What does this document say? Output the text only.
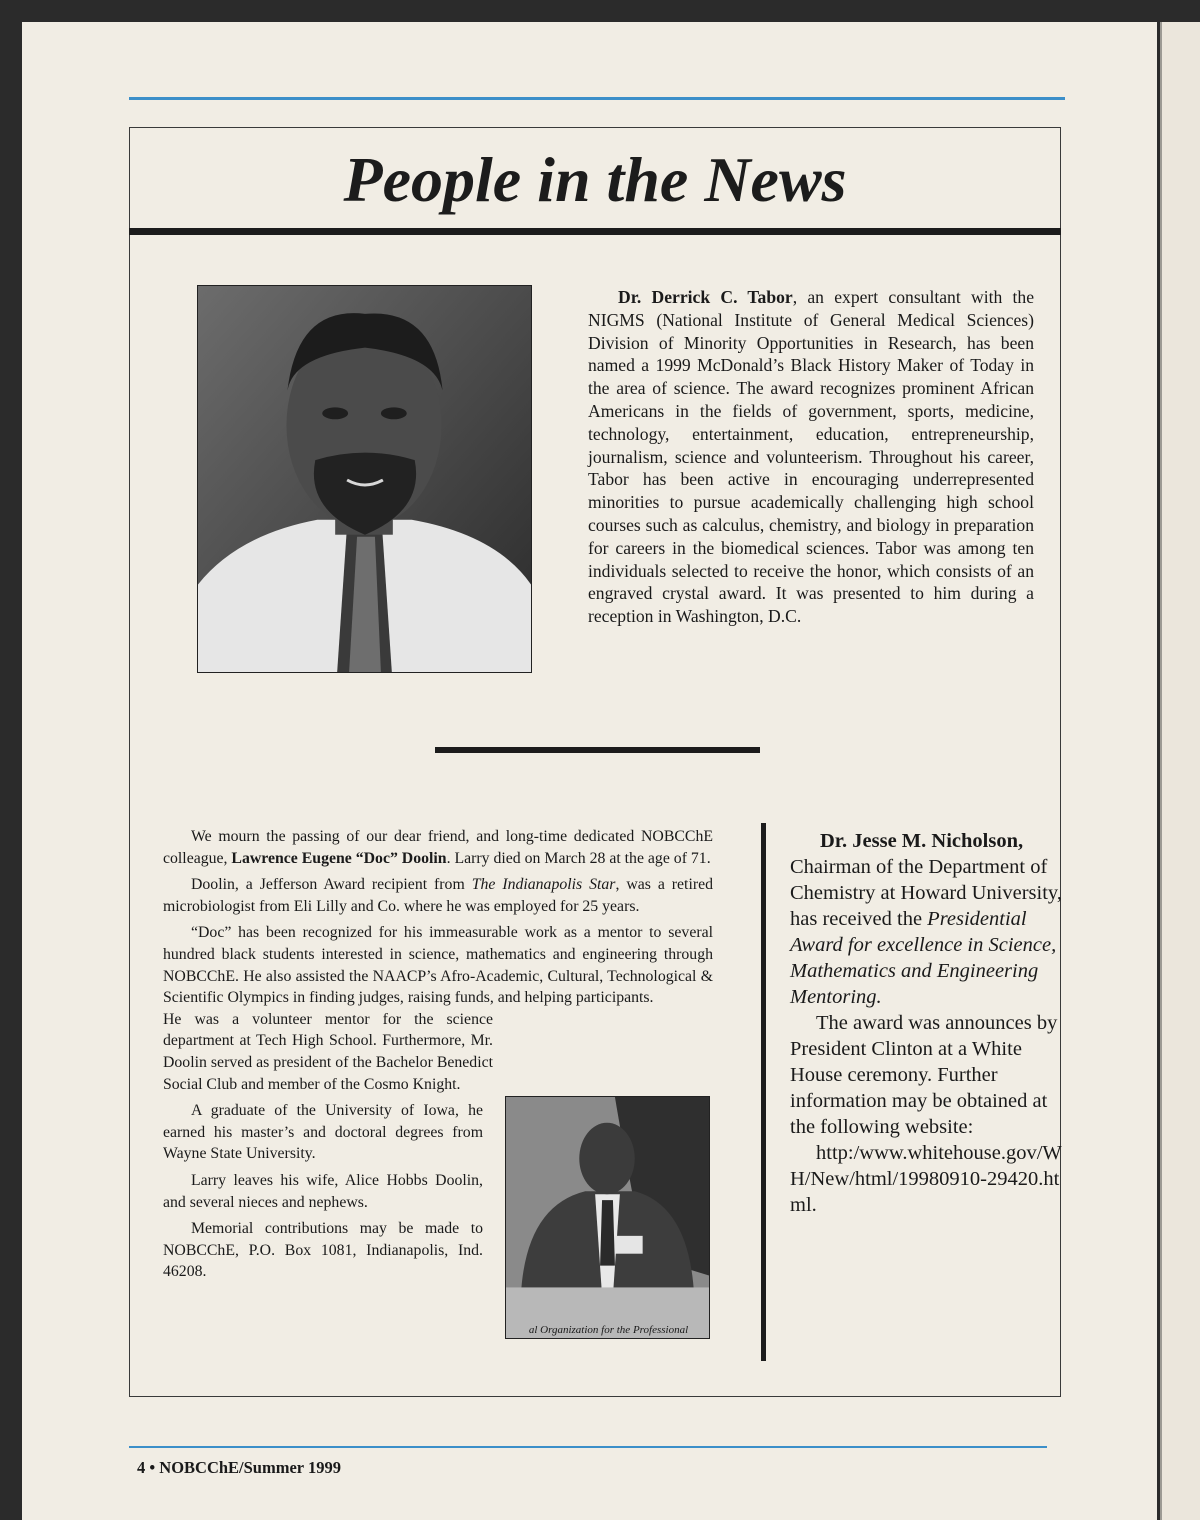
People in the News

Dr. Derrick C. Tabor, an expert consultant with the NIGMS (National Institute of General Medical Sciences) Division of Minority Opportunities in Research, has been named a 1999 McDonald’s Black History Maker of Today in the area of science. The award recognizes prominent African Americans in the fields of government, sports, medicine, technology, entertainment, education, entrepreneurship, journalism, science and volunteerism. Throughout his career, Tabor has been active in encouraging underrepresented minorities to pursue academically challenging high school courses such as calculus, chemistry, and biology in preparation for careers in the biomedical sciences. Tabor was among ten individuals selected to receive the honor, which consists of an engraved crystal award. It was presented to him during a reception in Washington, D.C.

We mourn the passing of our dear friend, and long-time dedicated NOBCChE colleague, Lawrence Eugene “Doc” Doolin. Larry died on March 28 at the age of 71.

Doolin, a Jefferson Award recipient from The Indianapolis Star, was a retired microbiologist from Eli Lilly and Co. where he was employed for 25 years.

“Doc” has been recognized for his immeasurable work as a mentor to several hundred black students interested in science, mathematics and engineering through NOBCChE. He also assisted the NAACP’s Afro-Academic, Cultural, Technological & Scientific Olympics in finding judges, raising funds, and helping participants.

He was a volunteer mentor for the science department at Tech High School. Furthermore, Mr. Doolin served as president of the Bachelor Benedict Social Club and member of the Cosmo Knight.

A graduate of the University of Iowa, he earned his master’s and doctoral degrees from Wayne State University.

Larry leaves his wife, Alice Hobbs Doolin, and several nieces and nephews.

Memorial contributions may be made to NOBCChE, P.O. Box 1081, Indianapolis, Ind. 46208.

al Organization for the Professional

Dr. Jesse M. Nicholson,
Chairman of the Department of Chemistry at Howard University, has received the Presidential Award for excellence in Science, Mathematics and Engineering Mentoring.

The award was announces by President Clinton at a White House ceremony. Further information may be obtained at the following website:

http:/www.whitehouse.gov/WH/New/html/19980910-29420.html.

4 • NOBCChE/Summer 1999
